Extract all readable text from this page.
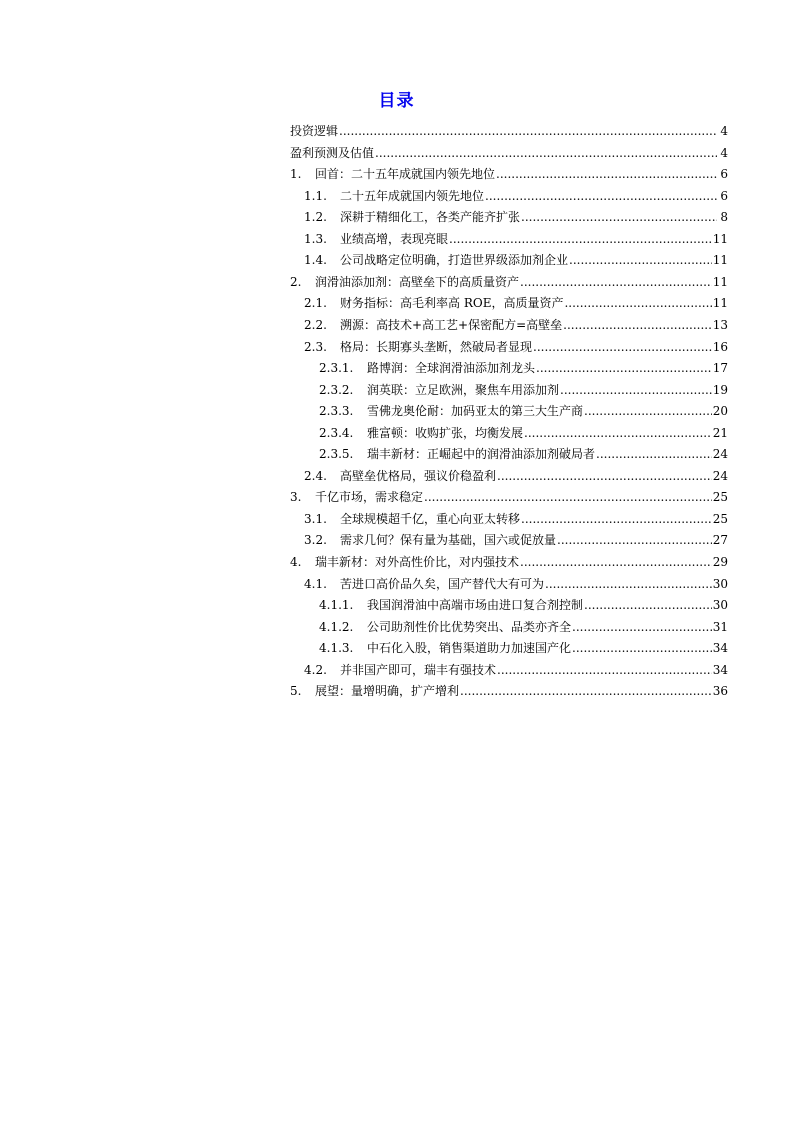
目录
投资逻辑 .....	4
盈利预测及估值 .....	4
1.	回首：二十五年成就国内领先地位 .....	6
1.1.	二十五年成就国内领先地位 .....	6
1.2.	深耕于精细化工，各类产能齐扩张 .....	8
1.3.	业绩高增，表现亮眼 .....	11
1.4.	公司战略定位明确，打造世界级添加剂企业 .....	11
2.	润滑油添加剂：高壁垒下的高质量资产 .....	11
2.1.	财务指标：高毛利率高 ROE，高质量资产 .....	11
2.2.	溯源：高技术+高工艺+保密配方=高壁垒 .....	13
2.3.	格局：长期寡头垄断，然破局者显现 .....	16
2.3.1.	路博润：全球润滑油添加剂龙头 .....	17
2.3.2.	润英联：立足欧洲，聚焦车用添加剂 .....	19
2.3.3.	雪佛龙奥伦耐：加码亚太的第三大生产商 .....	20
2.3.4.	雅富顿：收购扩张，均衡发展 .....	21
2.3.5.	瑞丰新材：正崛起中的润滑油添加剂破局者 .....	24
2.4.	高壁垒优格局，强议价稳盈利 .....	24
3.	千亿市场，需求稳定 .....	25
3.1.	全球规模超千亿，重心向亚太转移 .....	25
3.2.	需求几何？保有量为基础，国六或促放量 .....	27
4.	瑞丰新材：对外高性价比，对内强技术 .....	29
4.1.	苦进口高价品久矣，国产替代大有可为 .....	30
4.1.1.	我国润滑油中高端市场由进口复合剂控制 .....	30
4.1.2.	公司助剂性价比优势突出、品类亦齐全 .....	31
4.1.3.	中石化入股，销售渠道助力加速国产化 .....	34
4.2.	并非国产即可，瑞丰有强技术 .....	34
5.	展望：量增明确，扩产增利 .....	36
